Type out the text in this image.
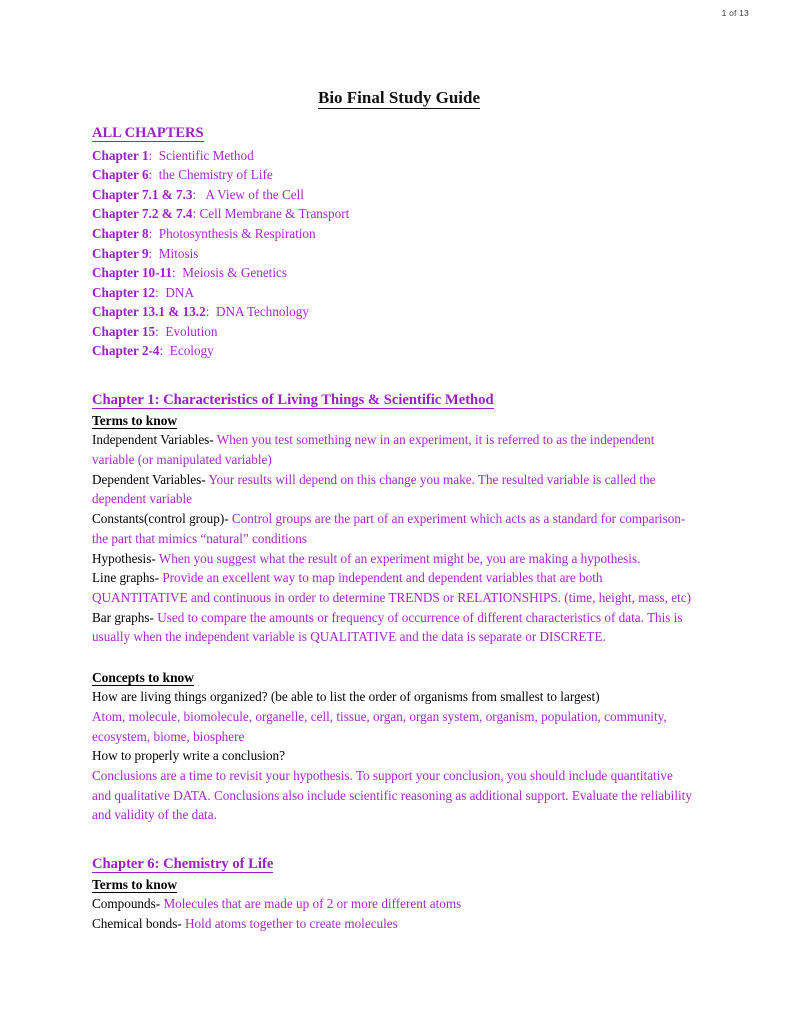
1 of 13
Bio Final Study Guide

ALL CHAPTERS

Chapter 1:  Scientific Method
Chapter 6:  the Chemistry of Life
Chapter 7.1 & 7.3:   A View of the Cell
Chapter 7.2 & 7.4: Cell Membrane & Transport
Chapter 8:  Photosynthesis & Respiration
Chapter 9:  Mitosis
Chapter 10-11:  Meiosis & Genetics
Chapter 12:  DNA
Chapter 13.1 & 13.2:  DNA Technology
Chapter 15:  Evolution
Chapter 2-4:  Ecology

Chapter 1: Characteristics of Living Things & Scientific Method

Terms to know

Independent Variables- When you test something new in an experiment, it is referred to as the independent variable (or manipulated variable)

Dependent Variables- Your results will depend on this change you make. The resulted variable is called the dependent variable

Constants(control group)- Control groups are the part of an experiment which acts as a standard for comparison- the part that mimics “natural” conditions

Hypothesis- When you suggest what the result of an experiment might be, you are making a hypothesis.

Line graphs- Provide an excellent way to map independent and dependent variables that are both QUANTITATIVE and continuous in order to determine TRENDS or RELATIONSHIPS. (time, height, mass, etc)

Bar graphs- Used to compare the amounts or frequency of occurrence of different characteristics of data. This is usually when the independent variable is QUALITATIVE and the data is separate or DISCRETE.

Concepts to know

How are living things organized? (be able to list the order of organisms from smallest to largest)

Atom, molecule, biomolecule, organelle, cell, tissue, organ, organ system, organism, population, community, ecosystem, biome, biosphere

How to properly write a conclusion?

Conclusions are a time to revisit your hypothesis. To support your conclusion, you should include quantitative and qualitative DATA. Conclusions also include scientific reasoning as additional support. Evaluate the reliability and validity of the data.

Chapter 6: Chemistry of Life

Terms to know

Compounds- Molecules that are made up of 2 or more different atoms

Chemical bonds- Hold atoms together to create molecules
